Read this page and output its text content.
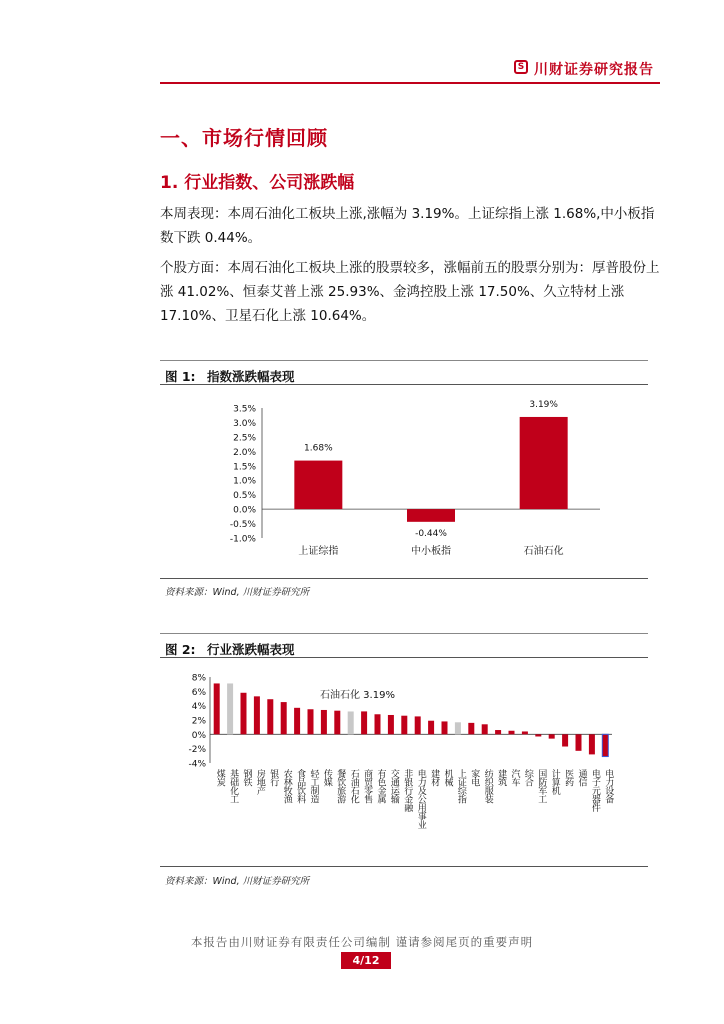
S 川财证券研究报告
一、市场行情回顾
1. 行业指数、公司涨跌幅
本周表现：本周石油化工板块上涨,涨幅为 3.19%。上证综指上涨 1.68%,中小板指数下跌 0.44%。
个股方面：本周石油化工板块上涨的股票较多，涨幅前五的股票分别为：厚普股份上涨 41.02%、恒泰艾普上涨 25.93%、金鸿控股上涨 17.50%、久立特材上涨 17.10%、卫星石化上涨 10.64%。
图 1: 指数涨跌幅表现
3.5%
3.0%
2.5%
2.0%
1.5%
1.0%
0.5%
0.0%
-0.5%
-1.0%
1.68%
-0.44%
3.19%
上证综指	中小板指	石油石化
资料来源：Wind, 川财证券研究所
图 2: 行业涨跌幅表现
8%
6%
4%
2%
0%
-2%
-4%
煤炭 基础化工 钢铁 房地产 银行 农林牧渔 食品饮料 轻工制造 传媒 餐饮旅游 石油石化 商贸零售 有色金属 交通运输 非银行金融 电力及公用事业 建材 机械 上证综指 家电 纺织服装 建筑 汽车 综合 国防军工 计算机 医药 通信 电子元器件 电力设备
石油石化 3.19%
资料来源：Wind, 川财证券研究所
本报告由川财证券有限责任公司编制 谨请参阅尾页的重要声明
4/12
